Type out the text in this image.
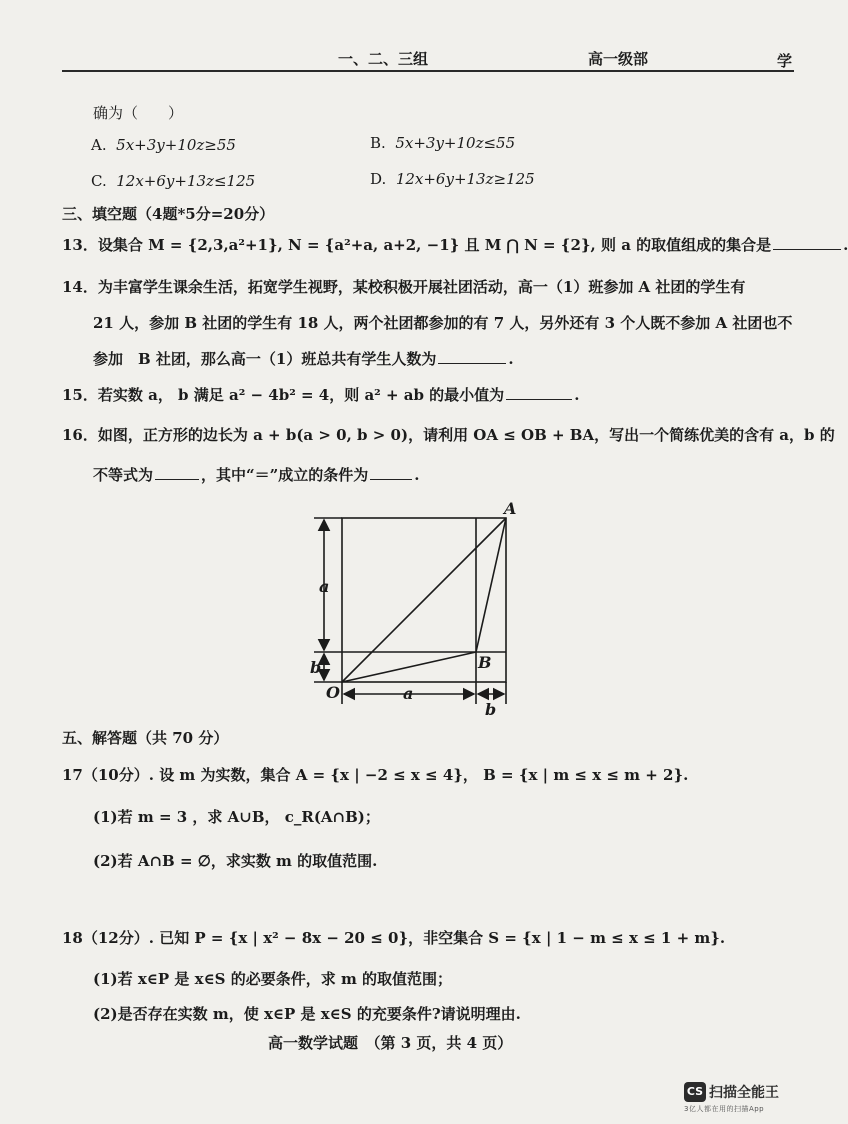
一、二、三组	高一级部	学
确为（　　）
A. 5x+3y+10z≥55	B. 5x+3y+10z≤55
C. 12x+6y+13z≤125	D. 12x+6y+13z≥125
三、填空题（4题*5分=20分）
13．设集合 M = {2,3,a²+1}, N = {a²+a, a+2, −1} 且 M ⋂ N = {2}, 则 a 的取值组成的集合是	.
14．为丰富学生课余生活，拓宽学生视野，某校积极开展社团活动，高一（1）班参加 A 社团的学生有
21 人，参加 B 社团的学生有 18 人，两个社团都参加的有 7 人，另外还有 3 个人既不参加 A 社团也不
参加　B 社团，那么高一（1）班总共有学生人数为	.
15．若实数 a， b 满足 a² − 4b² = 4，则 a² + ab 的最小值为	.
16．如图，正方形的边长为 a + b(a > 0, b > 0)，请利用 OA ≤ OB + BA，写出一个简练优美的含有 a，b 的
不等式为	，其中“＝”成立的条件为	.
A
B
O
a
b
a
b
五、解答题（共 70 分）
17（10分）. 设 m 为实数，集合 A = {x | −2 ≤ x ≤ 4}， B = {x | m ≤ x ≤ m + 2}.
(1)若 m = 3 ，求 A∪B， c_R(A∩B)；
(2)若 A∩B = ∅，求实数 m 的取值范围.
18（12分）. 已知 P = {x | x² − 8x − 20 ≤ 0}，非空集合 S = {x | 1 − m ≤ x ≤ 1 + m}.
(1)若 x∈P 是 x∈S 的必要条件，求 m 的取值范围；
(2)是否存在实数 m，使 x∈P 是 x∈S 的充要条件?请说明理由.
高一数学试题　（第 3 页，共 4 页）
CS 扫描全能王
3亿人都在用的扫描App
